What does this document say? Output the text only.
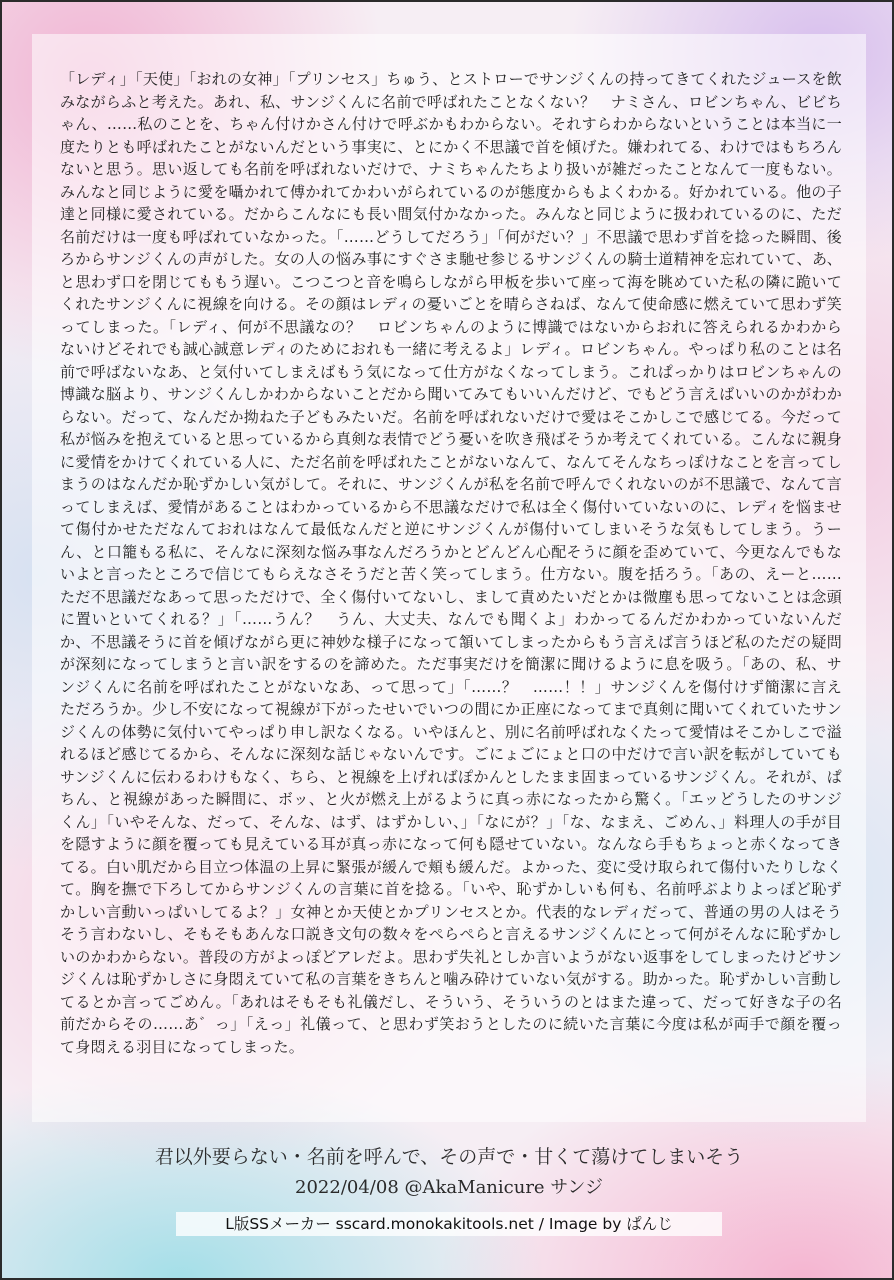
「レディ」「天使」「おれの女神」「プリンセス」ちゅう、とストローでサンジくんの持ってきてくれたジュースを飲みながらふと考えた。あれ、私、サンジくんに名前で呼ばれたことなくない？　ナミさん、ロビンちゃん、ビビちゃん、……私のことを、ちゃん付けかさん付けで呼ぶかもわからない。それすらわからないということは本当に一度たりとも呼ばれたことがないんだという事実に、とにかく不思議で首を傾げた。嫌われてる、わけではもちろんないと思う。思い返しても名前を呼ばれないだけで、ナミちゃんたちより扱いが雑だったことなんて一度もない。みんなと同じように愛を囁かれて傅かれてかわいがられているのが態度からもよくわかる。好かれている。他の子達と同様に愛されている。だからこんなにも長い間気付かなかった。みんなと同じように扱われているのに、ただ名前だけは一度も呼ばれていなかった。「……どうしてだろう」「何がだい？」不思議で思わず首を捻った瞬間、後ろからサンジくんの声がした。女の人の悩み事にすぐさま馳せ参じるサンジくんの騎士道精神を忘れていて、あ、と思わず口を閉じてももう遅い。こつこつと音を鳴らしながら甲板を歩いて座って海を眺めていた私の隣に跪いてくれたサンジくんに視線を向ける。その顔はレディの憂いごとを晴らさねば、なんて使命感に燃えていて思わず笑ってしまった。「レディ、何が不思議なの？　ロビンちゃんのように博識ではないからおれに答えられるかわからないけどそれでも誠心誠意レディのためにおれも一緒に考えるよ」レディ。ロビンちゃん。やっぱり私のことは名前で呼ばないなあ、と気付いてしまえばもう気になって仕方がなくなってしまう。これぱっかりはロビンちゃんの博識な脳より、サンジくんしかわからないことだから聞いてみてもいいんだけど、でもどう言えばいいのかがわからない。だって、なんだか拗ねた子どもみたいだ。名前を呼ばれないだけで愛はそこかしこで感じてる。今だって私が悩みを抱えていると思っているから真剣な表情でどう憂いを吹き飛ばそうか考えてくれている。こんなに親身に愛情をかけてくれている人に、ただ名前を呼ばれたことがないなんて、なんてそんなちっぽけなことを言ってしまうのはなんだか恥ずかしい気がして。それに、サンジくんが私を名前で呼んでくれないのが不思議で、なんて言ってしまえば、愛情があることはわかっているから不思議なだけで私は全く傷付いていないのに、レディを悩ませて傷付かせただなんておれはなんて最低なんだと逆にサンジくんが傷付いてしまいそうな気もしてしまう。うーん、と口籠もる私に、そんなに深刻な悩み事なんだろうかとどんどん心配そうに顔を歪めていて、今更なんでもないよと言ったところで信じてもらえなさそうだと苦く笑ってしまう。仕方ない。腹を括ろう。「あの、えーと……ただ不思議だなあって思っただけで、全く傷付いてないし、まして責めたいだとかは微塵も思ってないことは念頭に置いといてくれる？」「……うん？　うん、大丈夫、なんでも聞くよ」わかってるんだかわかっていないんだか、不思議そうに首を傾げながら更に神妙な様子になって頷いてしまったからもう言えば言うほど私のただの疑問が深刻になってしまうと言い訳をするのを諦めた。ただ事実だけを簡潔に聞けるように息を吸う。「あの、私、サンジくんに名前を呼ばれたことがないなあ、って思って」「……？　……！！」サンジくんを傷付けず簡潔に言えただろうか。少し不安になって視線が下がったせいでいつの間にか正座になってまで真剣に聞いてくれていたサンジくんの体勢に気付いてやっぱり申し訳なくなる。いやほんと、別に名前呼ばれなくたって愛情はそこかしこで溢れるほど感じてるから、そんなに深刻な話じゃないんです。ごにょごにょと口の中だけで言い訳を転がしていてもサンジくんに伝わるわけもなく、ちら、と視線を上げればぽかんとしたまま固まっているサンジくん。それが、ぱちん、と視線があった瞬間に、ボッ、と火が燃え上がるように真っ赤になったから驚く。「エッどうしたのサンジくん」「いやそんな、だって、そんな、はず、はずかしい、」「なにが？」「な、なまえ、ごめん、」料理人の手が目を隠すように顔を覆っても見えている耳が真っ赤になって何も隠せていない。なんなら手もちょっと赤くなってきてる。白い肌だから目立つ体温の上昇に緊張が緩んで頬も緩んだ。よかった、変に受け取られて傷付いたりしなくて。胸を撫で下ろしてからサンジくんの言葉に首を捻る。「いや、恥ずかしいも何も、名前呼ぶよりよっぽど恥ずかしい言動いっぱいしてるよ？」女神とか天使とかプリンセスとか。代表的なレディだって、普通の男の人はそうそう言わないし、そもそもあんな口説き文句の数々をぺらぺらと言えるサンジくんにとって何がそんなに恥ずかしいのかわからない。普段の方がよっぽどアレだよ。思わず失礼としか言いようがない返事をしてしまったけどサンジくんは恥ずかしさに身悶えていて私の言葉をきちんと噛み砕けていない気がする。助かった。恥ずかしい言動してるとか言ってごめん。「あれはそもそも礼儀だし、そういう、そういうのとはまた違って、だって好きな子の名前だからその……あ゛っ」「えっ」礼儀って、と思わず笑おうとしたのに続いた言葉に今度は私が両手で顔を覆って身悶える羽目になってしまった。

君以外要らない・名前を呼んで、その声で・甘くて蕩けてしまいそう
2022/04/08 @AkaManicure サンジ
L版SSメーカー sscard.monokakitools.net / Image by ぱんじ
